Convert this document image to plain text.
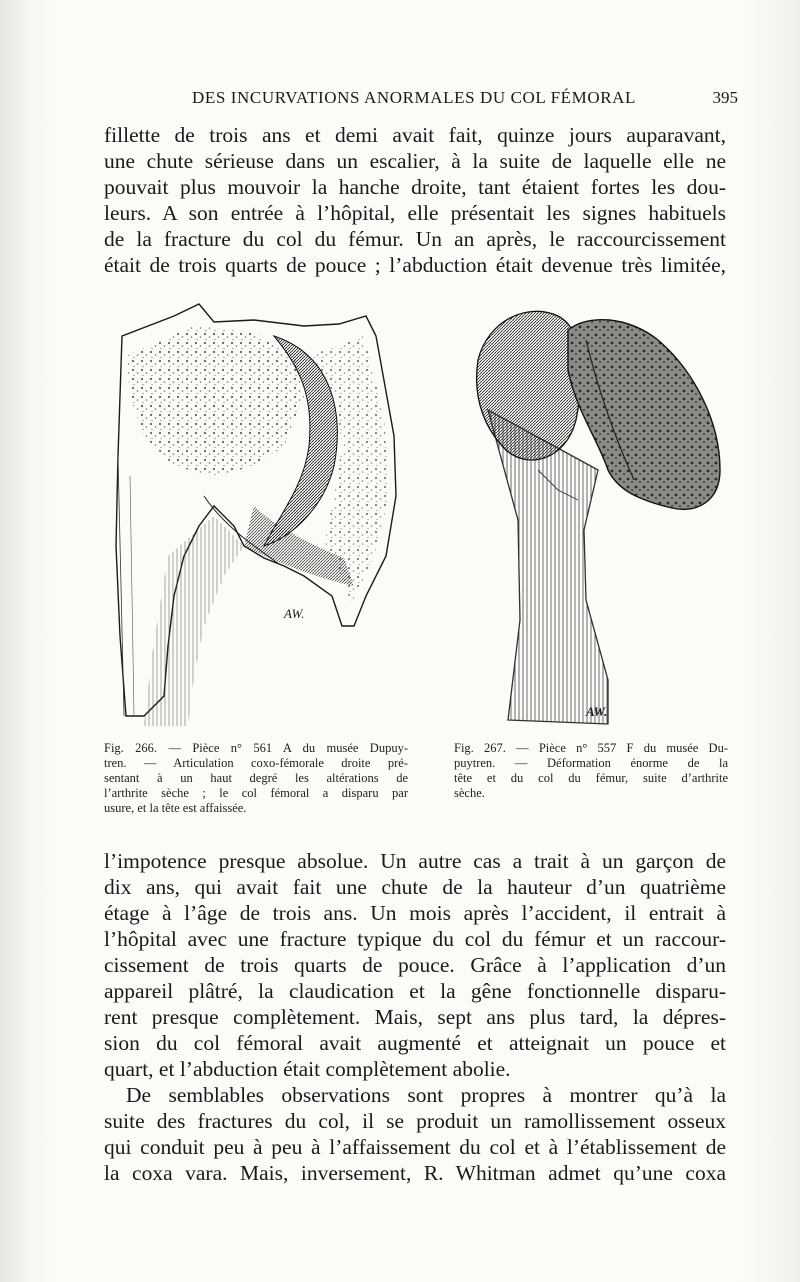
DES INCURVATIONS ANORMALES DU COL FÉMORAL	395
fillette de trois ans et demi avait fait, quinze jours auparavant,
une chute sérieuse dans un escalier, à la suite de laquelle elle ne
pouvait plus mouvoir la hanche droite, tant étaient fortes les dou-
leurs. A son entrée à l’hôpital, elle présentait les signes habituels
de la fracture du col du fémur. Un an après, le raccourcissement
était de trois quarts de pouce ; l’abduction était devenue très limitée,
AW.
AW.
Fig. 266. — Pièce n° 561 A du musée Dupuy-
tren. — Articulation coxo-fémorale droite pré-
sentant à un haut degré les altérations de
l’arthrite sèche ; le col fémoral a disparu par
usure, et la tête est affaissée.
Fig. 267. — Pièce n° 557 F du musée Du-
puytren. — Déformation énorme de la
tête et du col du fémur, suite d’arthrite
sèche.
l’impotence presque absolue. Un autre cas a trait à un garçon de
dix ans, qui avait fait une chute de la hauteur d’un quatrième
étage à l’âge de trois ans. Un mois après l’accident, il entrait à
l’hôpital avec une fracture typique du col du fémur et un raccour-
cissement de trois quarts de pouce. Grâce à l’application d’un
appareil plâtré, la claudication et la gêne fonctionnelle disparu-
rent presque complètement. Mais, sept ans plus tard, la dépres-
sion du col fémoral avait augmenté et atteignait un pouce et
quart, et l’abduction était complètement abolie.
De semblables observations sont propres à montrer qu’à la
suite des fractures du col, il se produit un ramollissement osseux
qui conduit peu à peu à l’affaissement du col et à l’établissement de
la coxa vara. Mais, inversement, R. Whitman admet qu’une coxa
